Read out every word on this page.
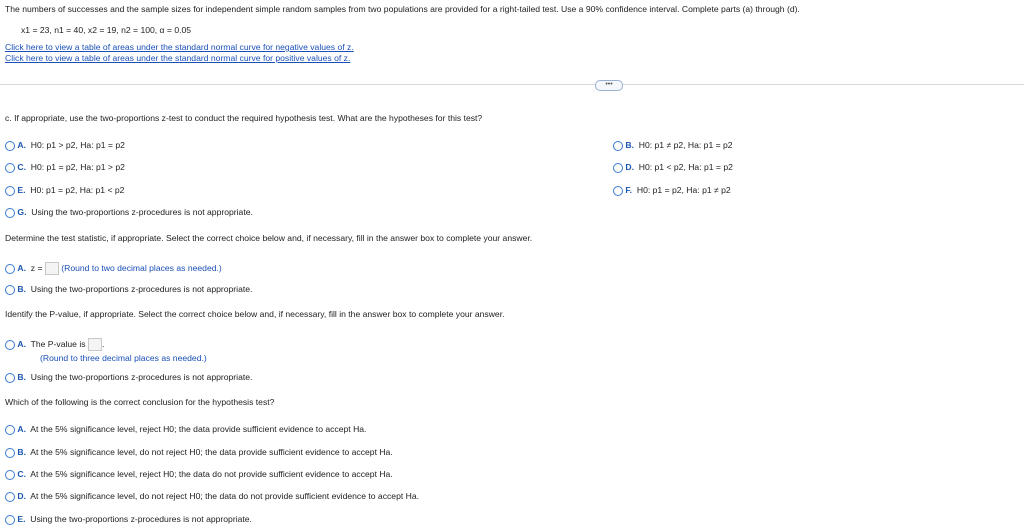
The numbers of successes and the sample sizes for independent simple random samples from two populations are provided for a right-tailed test. Use a 90% confidence interval. Complete parts (a) through (d).
x1 = 23, n1 = 40, x2 = 19, n2 = 100, α = 0.05
Click here to view a table of areas under the standard normal curve for negative values of z.
Click here to view a table of areas under the standard normal curve for positive values of z.
•••
c. If appropriate, use the two-proportions z-test to conduct the required hypothesis test. What are the hypotheses for this test?
A. H0: p1 > p2, Ha: p1 = p2
C. H0: p1 = p2, Ha: p1 > p2
E. H0: p1 = p2, Ha: p1 < p2
G. Using the two-proportions z-procedures is not appropriate.
B. H0: p1 ≠ p2, Ha: p1 = p2
D. H0: p1 < p2, Ha: p1 = p2
F. H0: p1 = p2, Ha: p1 ≠ p2
Determine the test statistic, if appropriate. Select the correct choice below and, if necessary, fill in the answer box to complete your answer.
A. z = (Round to two decimal places as needed.)
B. Using the two-proportions z-procedures is not appropriate.
Identify the P-value, if appropriate. Select the correct choice below and, if necessary, fill in the answer box to complete your answer.
A. The P-value is .
(Round to three decimal places as needed.)
B. Using the two-proportions z-procedures is not appropriate.
Which of the following is the correct conclusion for the hypothesis test?
A. At the 5% significance level, reject H0; the data provide sufficient evidence to accept Ha.
B. At the 5% significance level, do not reject H0; the data provide sufficient evidence to accept Ha.
C. At the 5% significance level, reject H0; the data do not provide sufficient evidence to accept Ha.
D. At the 5% significance level, do not reject H0; the data do not provide sufficient evidence to accept Ha.
E. Using the two-proportions z-procedures is not appropriate.
